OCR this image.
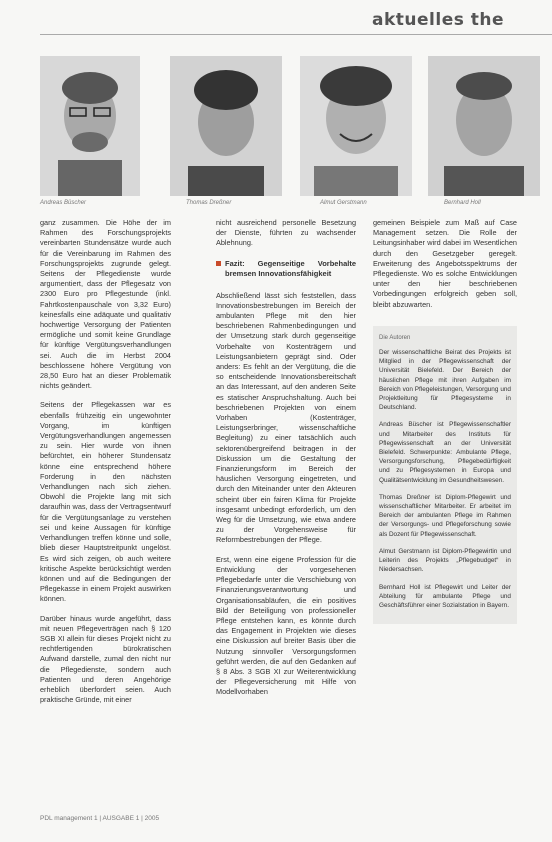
aktuelles the
Andreas Büscher	Thomas Dreßner	Almut Gerstmann	Bernhard Holl

ganz zusammen. Die Höhe der im Rahmen des Forschungsprojekts vereinbarten Stundensätze wurde auch für die Vereinbarung im Rahmen des Forschungsprojekts zugrunde gelegt. Seitens der Pflegedienste wurde argumentiert, dass der Pflegesatz von 2300 Euro pro Pflegestunde (inkl. Fahrtkostenpauschale von 3,32 Euro) keinesfalls eine adäquate und qualitativ hochwertige Versorgung der Patienten ermögliche und somit keine Grundlage für künftige Vergütungsverhandlungen sei. Auch die im Herbst 2004 beschlossene höhere Vergütung von 28,50 Euro hat an dieser Problematik nichts geändert.

Seitens der Pflegekassen war es ebenfalls frühzeitig ein ungewohnter Vorgang, im künftigen Vergütungsverhandlungen angemessen zu sein. Hier wurde von ihnen befürchtet, ein höherer Stundensatz könne eine entsprechend höhere Forderung in den nächsten Verhandlungen nach sich ziehen. Obwohl die Projekte lang mit sich daraufhin was, dass der Vertragsentwurf für die Vergütungsanlage zu verstehen sei und keine Aussagen für künftige Verhandlungen treffen könne und solle, blieb dieser Hauptstreitpunkt ungelöst. Es wird sich zeigen, ob auch weitere kritische Aspekte berücksichtigt werden können und auf die Bedingungen der Pflegekasse in einem Projekt auswirken können.

Darüber hinaus wurde angeführt, dass mit neuen Pflegeverträgen nach § 120 SGB XI allein für dieses Projekt nicht zu rechtfertigenden bürokratischen Aufwand darstelle, zumal den nicht nur die Pflegedienste, sondern auch Patienten und deren Angehörige erheblich überfordert seien. Auch praktische Gründe, mit einer

nicht ausreichend personelle Besetzung der Dienste, führten zu wachsender Ablehnung.

Fazit: Gegenseitige Vorbehalte bremsen Innovationsfähigkeit

Abschließend lässt sich feststellen, dass Innovationsbestrebungen im Bereich der ambulanten Pflege mit den hier beschriebenen Rahmenbedingungen und der Umsetzung stark durch gegenseitige Vorbehalte von Kostenträgern und Leistungsanbietern geprägt sind. Oder anders: Es fehlt an der Vergütung, die die so entscheidende Innovationsbereitschaft an das Interessant, auf den anderen Seite es statischer Anspruchshaltung. Auch bei beschriebenen Projekten von einem Vorhaben (Kostenträger, Leistungserbringer, wissenschaftliche Begleitung) zu einer tatsächlich auch sektorenübergreifend beitragen in der Diskussion um die Gestaltung der Finanzierungsform im Bereich der häuslichen Versorgung eingetreten, und durch den Miteinander unter den Akteuren scheint über ein fairen Klima für Projekte insgesamt unbedingt erforderlich, um den Weg für die Umsetzung, wie etwa andere zu der Vorgehensweise für Reformbestrebungen der Pflege.

Erst, wenn eine eigene Profession für die Entwicklung der vorgesehenen Pflegebedarfe unter die Verschiebung von Finanzierungsverantwortung und Organisationsabläufen, die ein positives Bild der Beteiligung von professioneller Pflege entstehen kann, es könnte durch das Engagement in Projekten wie dieses eine Diskussion auf breiter Basis über die Nutzung sinnvoller Versorgungsformen geführt werden, die auf den Gedanken auf § 8 Abs. 3 SGB XI zur Weiterentwicklung der Pflegeversicherung mit Hilfe von Modellvorhaben

gemeinen Beispiele zum Maß auf Case Management setzen. Die Rolle der Leitungsinhaber wird dabei im Wesentlichen durch den Gesetzgeber geregelt. Erweiterung des Angebotsspektrums der Pflegedienste. Wo es solche Entwicklungen unter den hier beschriebenen Vorbedingungen erfolgreich geben soll, bleibt abzuwarten.

Die Autoren

Der wissenschaftliche Beirat des Projekts ist Mitglied in der Pflegewissenschaft der Universität Bielefeld. Der Bereich der häuslichen Pflege mit ihren Aufgaben im Bereich von Pflegeleistungen, Versorgung und Projektleitung für Pflegesysteme in Deutschland.

Andreas Büscher ist Pflegewissenschaftler und Mitarbeiter des Instituts für Pflegewissenschaft an der Universität Bielefeld. Schwerpunkte: Ambulante Pflege, Versorgungsforschung, Pflegebedürftigkeit und zu Pflegesystemen in Europa und Qualitätsentwicklung im Gesundheitswesen.

Thomas Dreßner ist Diplom-Pflegewirt und wissenschaftlicher Mitarbeiter. Er arbeitet im Bereich der ambulanten Pflege im Rahmen der Versorgungs- und Pflegeforschung sowie als Dozent für Pflegewissenschaft.

Almut Gerstmann ist Diplom-Pflegewirtin und Leiterin des Projekts „Pflegebudget“ in Niedersachsen.

Bernhard Holl ist Pflegewirt und Leiter der Abteilung für ambulante Pflege und Geschäftsführer einer Sozialstation in Bayern.

PDL management 1 | AUSGABE 1 | 2005
